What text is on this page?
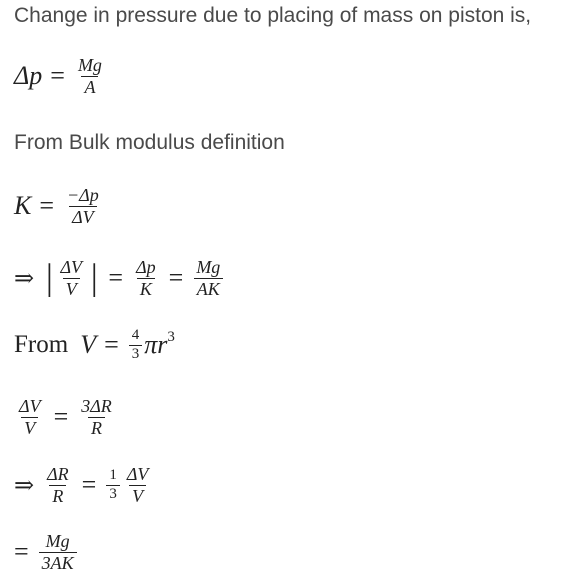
Change in pressure due to placing of mass on piston is,
$\Delta p = \frac{Mg}{A}$
From Bulk modulus definition
$K = \frac{-\Delta p}{\Delta V}$
⇒ | $\frac{\Delta V}{V}$ | = $\frac{\Delta p}{K} = \frac{Mg}{AK}$
From $V = \frac{4}{3}$ πr 3
$\frac{\Delta V}{V} = \frac{3\Delta R}{R}$
⇒ $\frac{\Delta R}{R} = \frac{1}{3} \frac{\Delta V}{V}$
= $\frac{Mg}{3AK}$
